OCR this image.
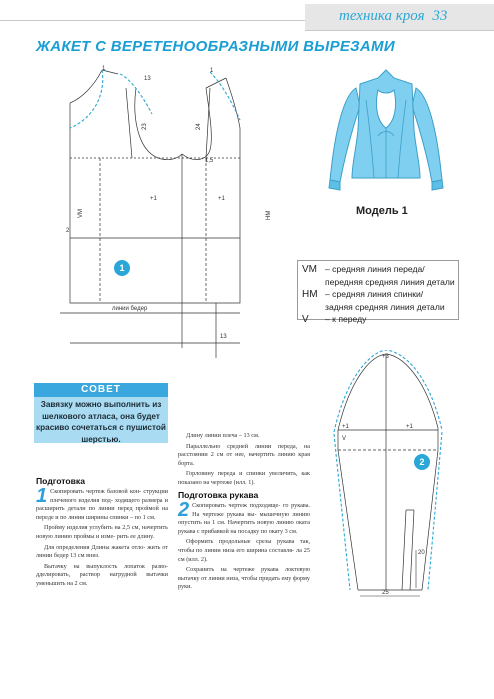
техника кроя 33
ЖАКЕТ С ВЕРЕТЕНООБРАЗНЫМИ ВЫРЕЗАМИ
1
13
1
23	24
1,5
+1	+1
VM	HM
2
линии бедер
13
1
Модель 1
VM – средняя линия переда/
передняя средняя линия детали
HM – средняя линия спинки/
задняя средняя линия детали
V – к переду
СОВЕТ
Завязку можно выполнить из шелкового атласа, она будет красиво сочетаться с пушистой шерстью.
Подготовка

1 Скопировать чертеж базовой кон- струкции плечевого изделия под- ходящего размера и расширить детали по линии перед проймой на переде и по линии ширины спинки – по 1 см.

Пройму изделия углубить на 2,5 см, начертить новую линию проймы и изме- рить ее длину.

Для определения Длины жакета отло- жить от линии бедер 13 см вниз.

Вытачку на выпуклость лопаток разво- дделировать, раствор нагрудной вытачки уменьшить на 2 см.

Длину линии плеча – 13 см.

Параллельно средней линии переда, на расстоянии 2 см от нее, начертить линию края борта.

Горловину переда и спинки увеличить, как показано на чертеже (илл. 1).

Подготовка рукава

2 Скопировать чертеж подходяще- го рукава. На чертеже рукава вы- мышечную линию опустить на 1 см. Начертить новую линию оката рукава с прибавкой на посадку по окату 3 см.

Оформить продольные срезы рукава так, чтобы по линии низа его ширина составля- ла 25 см (илл. 2).

Сохранить на чертеже рукава локтевую вытачку от линии низа, чтобы придать ему форму руки.

+3
+1	+1
V
20
25
2
